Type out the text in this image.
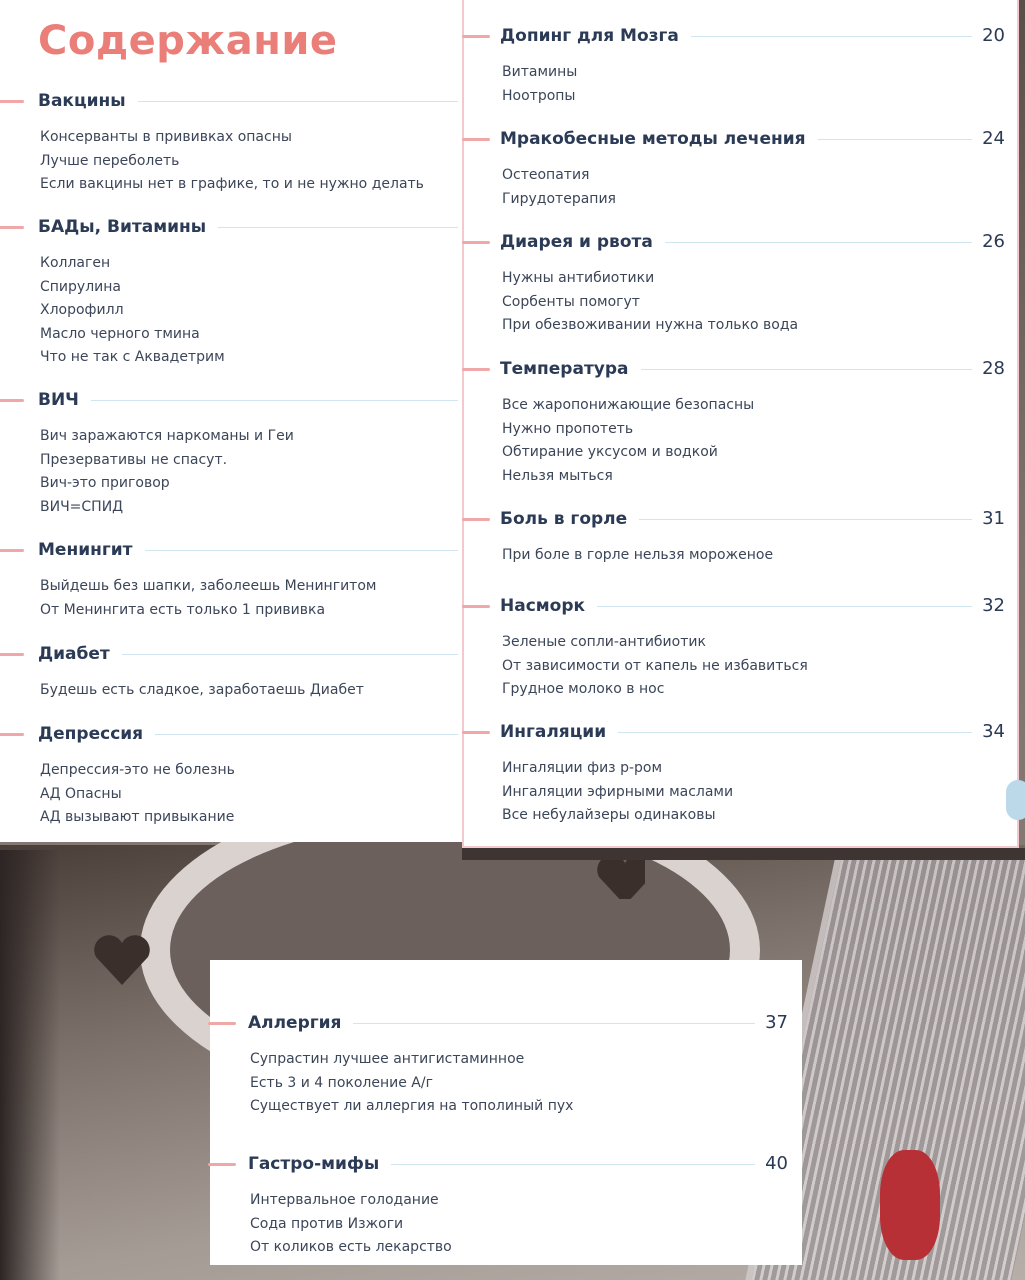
Содержание
Вакцины
Консерванты в прививках опасны
Лучше переболеть
Если вакцины нет в графике, то и не нужно делать
БАДы, Витамины
Коллаген
Спирулина
Хлорофилл
Масло черного тмина
Что не так с Аквадетрим
ВИЧ
Вич заражаются наркоманы и Геи
Презервативы не спасут.
Вич-это приговор
ВИЧ=СПИД
Менингит
Выйдешь без шапки, заболеешь Менингитом
От Менингита есть только 1 прививка
Диабет
Будешь есть сладкое, заработаешь Диабет
Депрессия
Депрессия-это не болезнь
АД Опасны
АД вызывают привыкание
Допинг для Мозга	20
Витамины
Ноотропы
Мракобесные методы лечения	24
Остеопатия
Гирудотерапия
Диарея и рвота	26
Нужны антибиотики
Сорбенты помогут
При обезвоживании нужна только вода
Температура	28
Все жаропонижающие безопасны
Нужно пропотеть
Обтирание уксусом и водкой
Нельзя мыться
Боль в горле	31
При боле в горле нельзя мороженое
Насморк	32
Зеленые сопли-антибиотик
От зависимости от капель не избавиться
Грудное молоко в нос
Ингаляции	34
Ингаляции физ р-ром
Ингаляции эфирными маслами
Все небулайзеры одинаковы
Аллергия	37
Супрастин лучшее антигистаминное
Есть 3 и 4 поколение А/г
Существует ли аллергия на тополиный пух
Гастро-мифы	40
Интервальное голодание
Сода против Изжоги
От коликов есть лекарство
